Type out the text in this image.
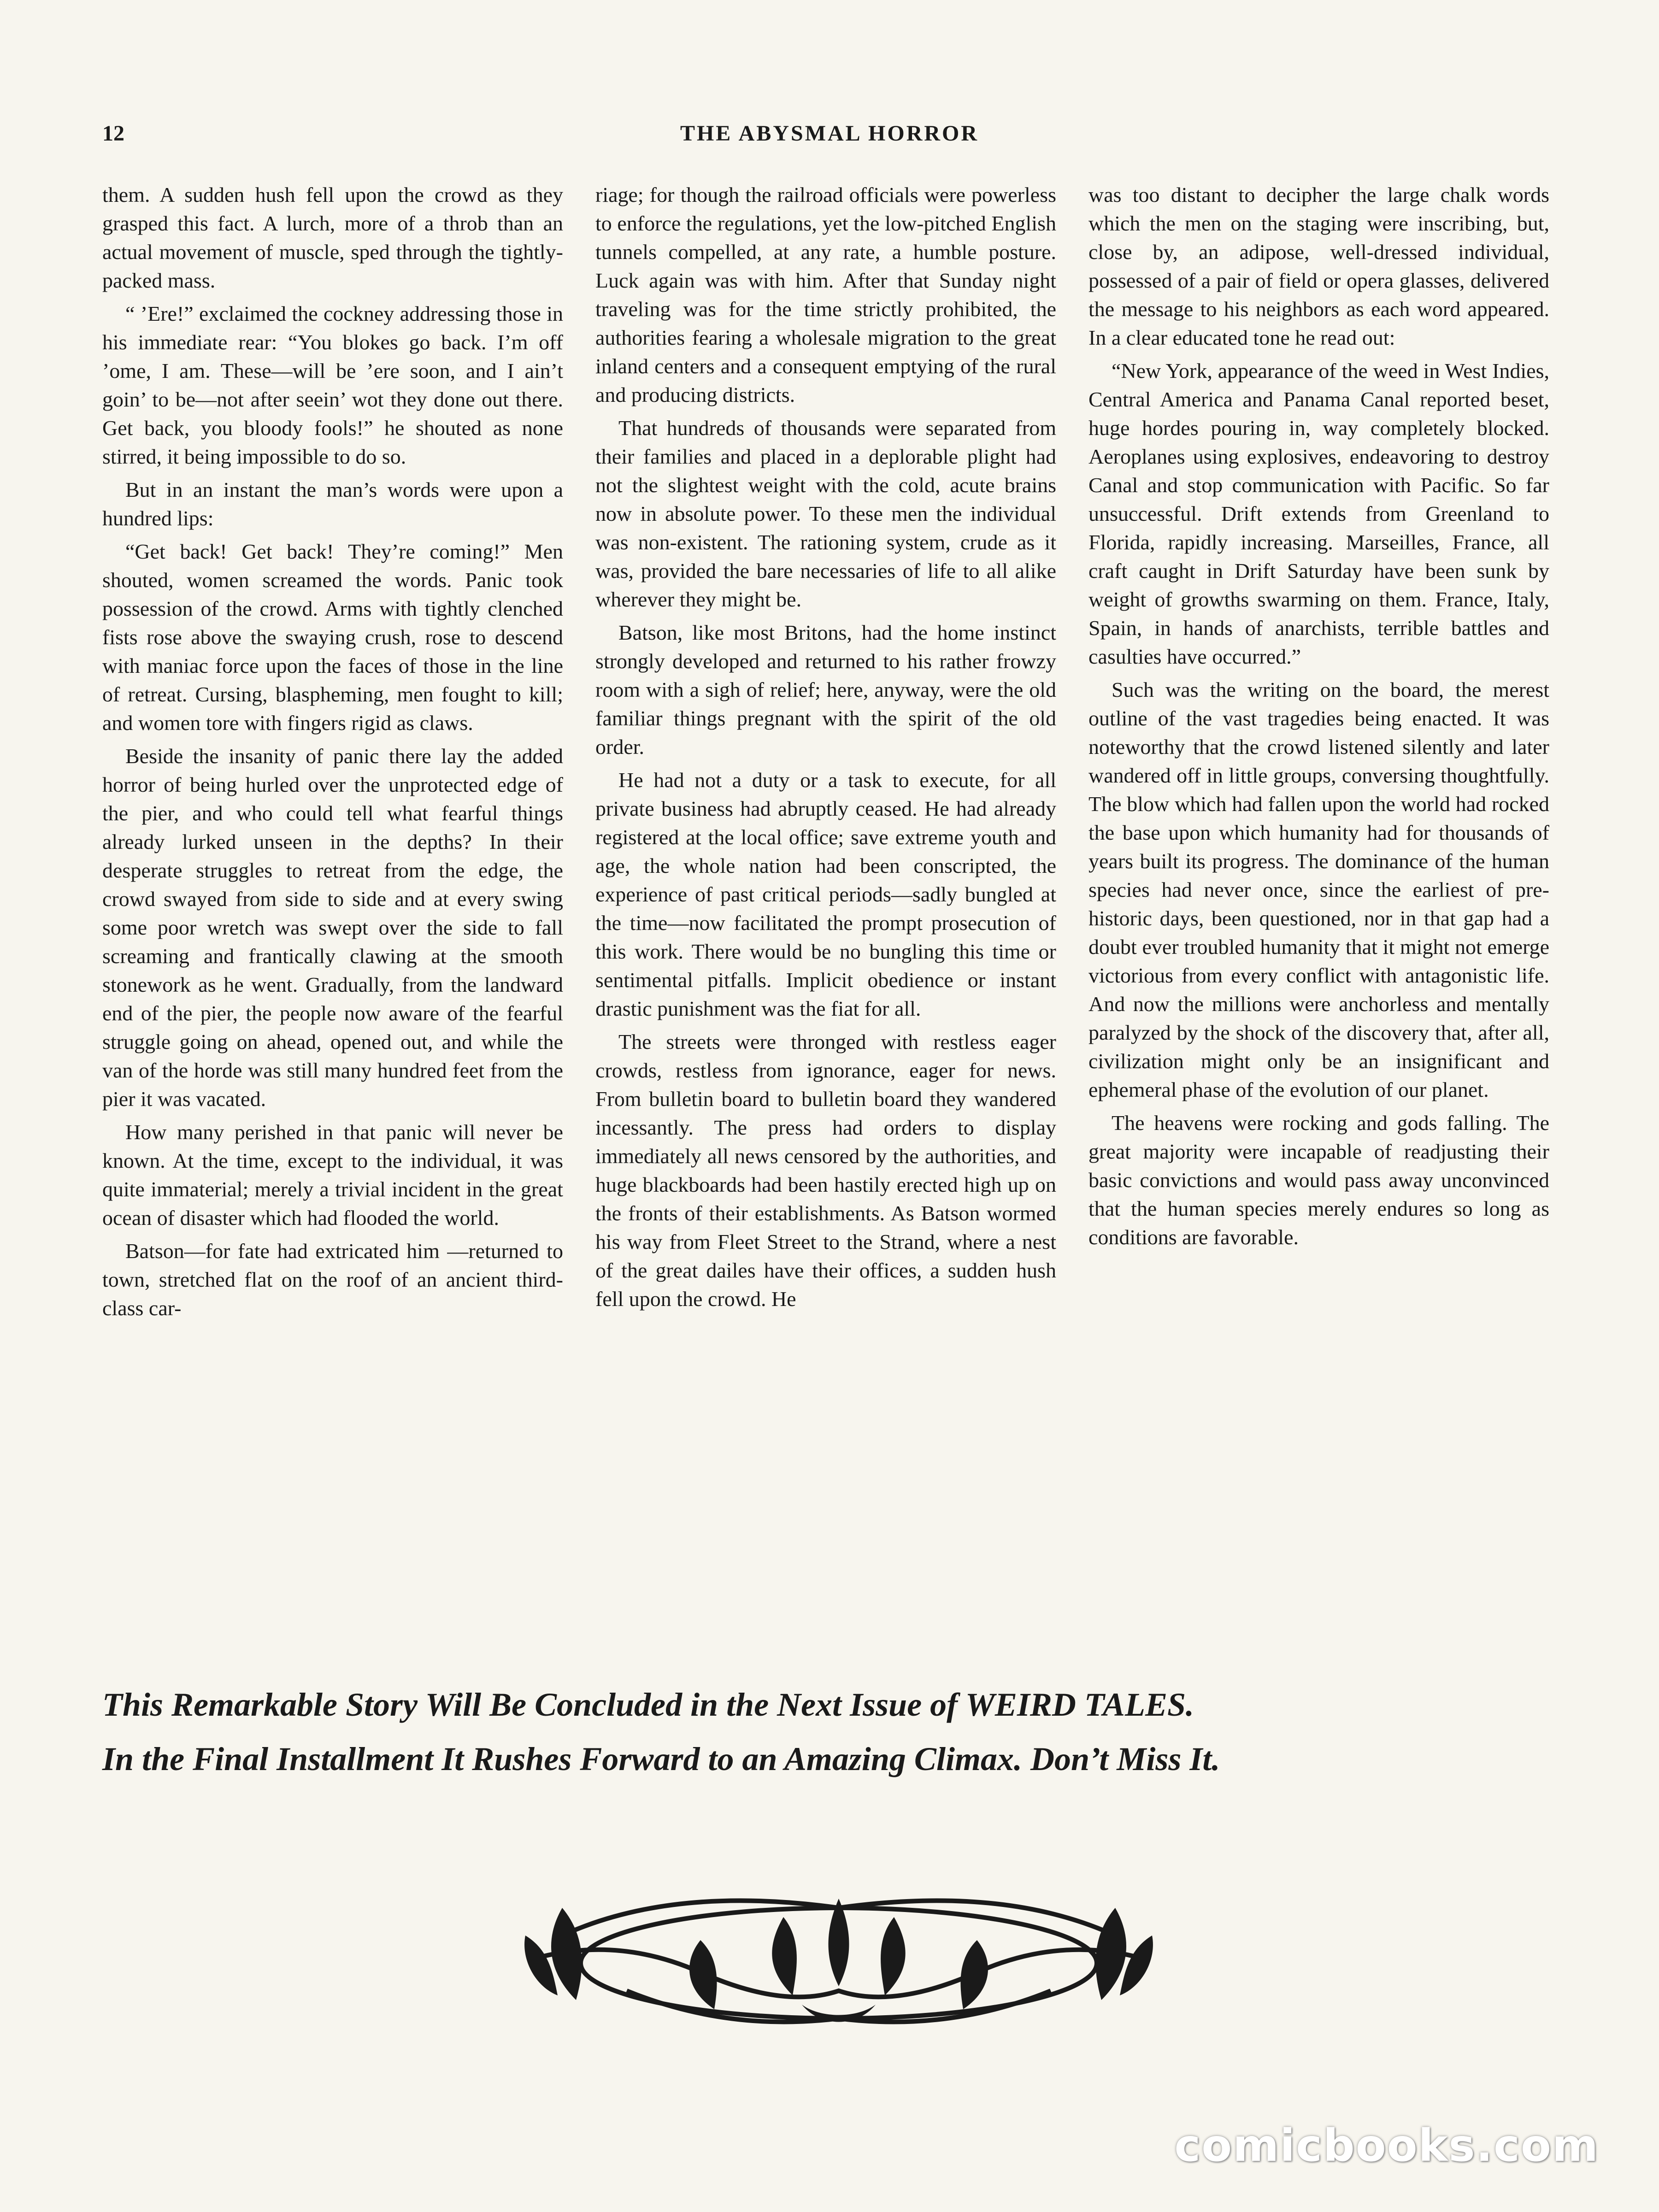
12	THE ABYSMAL HORROR

them. A sudden hush fell upon the crowd as they grasped this fact. A lurch, more of a throb than an actual movement of muscle, sped through the tightly-packed mass.

“ ’Ere!” exclaimed the cockney addressing those in his immediate rear: “You blokes go back. I’m off ’ome, I am. These—will be ’ere soon, and I ain’t goin’ to be—not after seein’ wot they done out there. Get back, you bloody fools!” he shouted as none stirred, it being impossible to do so.

But in an instant the man’s words were upon a hundred lips:

“Get back! Get back! They’re coming!” Men shouted, women screamed the words. Panic took possession of the crowd. Arms with tightly clenched fists rose above the swaying crush, rose to descend with maniac force upon the faces of those in the line of retreat. Cursing, blaspheming, men fought to kill; and women tore with fingers rigid as claws.

Beside the insanity of panic there lay the added horror of being hurled over the unprotected edge of the pier, and who could tell what fearful things already lurked unseen in the depths? In their desperate struggles to retreat from the edge, the crowd swayed from side to side and at every swing some poor wretch was swept over the side to fall screaming and frantically clawing at the smooth stonework as he went. Gradually, from the landward end of the pier, the people now aware of the fearful struggle going on ahead, opened out, and while the van of the horde was still many hundred feet from the pier it was vacated.

How many perished in that panic will never be known. At the time, except to the individual, it was quite immaterial; merely a trivial incident in the great ocean of disaster which had flooded the world.

Batson—for fate had extricated him —returned to town, stretched flat on the roof of an ancient third-class car-

riage; for though the railroad officials were powerless to enforce the regulations, yet the low-pitched English tunnels compelled, at any rate, a humble posture. Luck again was with him. After that Sunday night traveling was for the time strictly prohibited, the authorities fearing a wholesale migration to the great inland centers and a consequent emptying of the rural and producing districts.

That hundreds of thousands were separated from their families and placed in a deplorable plight had not the slightest weight with the cold, acute brains now in absolute power. To these men the individual was non-existent. The rationing system, crude as it was, provided the bare necessaries of life to all alike wherever they might be.

Batson, like most Britons, had the home instinct strongly developed and returned to his rather frowzy room with a sigh of relief; here, anyway, were the old familiar things pregnant with the spirit of the old order.

He had not a duty or a task to execute, for all private business had abruptly ceased. He had already registered at the local office; save extreme youth and age, the whole nation had been conscripted, the experience of past critical periods—sadly bungled at the time—now facilitated the prompt prosecution of this work. There would be no bungling this time or sentimental pitfalls. Implicit obedience or instant drastic punishment was the fiat for all.

The streets were thronged with restless eager crowds, restless from ignorance, eager for news. From bulletin board to bulletin board they wandered incessantly. The press had orders to display immediately all news censored by the authorities, and huge blackboards had been hastily erected high up on the fronts of their establishments. As Batson wormed his way from Fleet Street to the Strand, where a nest of the great dailes have their offices, a sudden hush fell upon the crowd. He

was too distant to decipher the large chalk words which the men on the staging were inscribing, but, close by, an adipose, well-dressed individual, possessed of a pair of field or opera glasses, delivered the message to his neighbors as each word appeared. In a clear educated tone he read out:

“New York, appearance of the weed in West Indies, Central America and Panama Canal reported beset, huge hordes pouring in, way completely blocked. Aeroplanes using explosives, endeavoring to destroy Canal and stop communication with Pacific. So far unsuccessful. Drift extends from Greenland to Florida, rapidly increasing. Marseilles, France, all craft caught in Drift Saturday have been sunk by weight of growths swarming on them. France, Italy, Spain, in hands of anarchists, terrible battles and casulties have occurred.”

Such was the writing on the board, the merest outline of the vast tragedies being enacted. It was noteworthy that the crowd listened silently and later wandered off in little groups, conversing thoughtfully. The blow which had fallen upon the world had rocked the base upon which humanity had for thousands of years built its progress. The dominance of the human species had never once, since the earliest of pre-historic days, been questioned, nor in that gap had a doubt ever troubled humanity that it might not emerge victorious from every conflict with antagonistic life. And now the millions were anchorless and mentally paralyzed by the shock of the discovery that, after all, civilization might only be an insignificant and ephemeral phase of the evolution of our planet.

The heavens were rocking and gods falling. The great majority were incapable of readjusting their basic convictions and would pass away unconvinced that the human species merely endures so long as conditions are favorable.

This Remarkable Story Will Be Concluded in the Next Issue of WEIRD TALES.
In the Final Installment It Rushes Forward to an Amazing Climax. Don’t Miss It.
comicbooks.com
